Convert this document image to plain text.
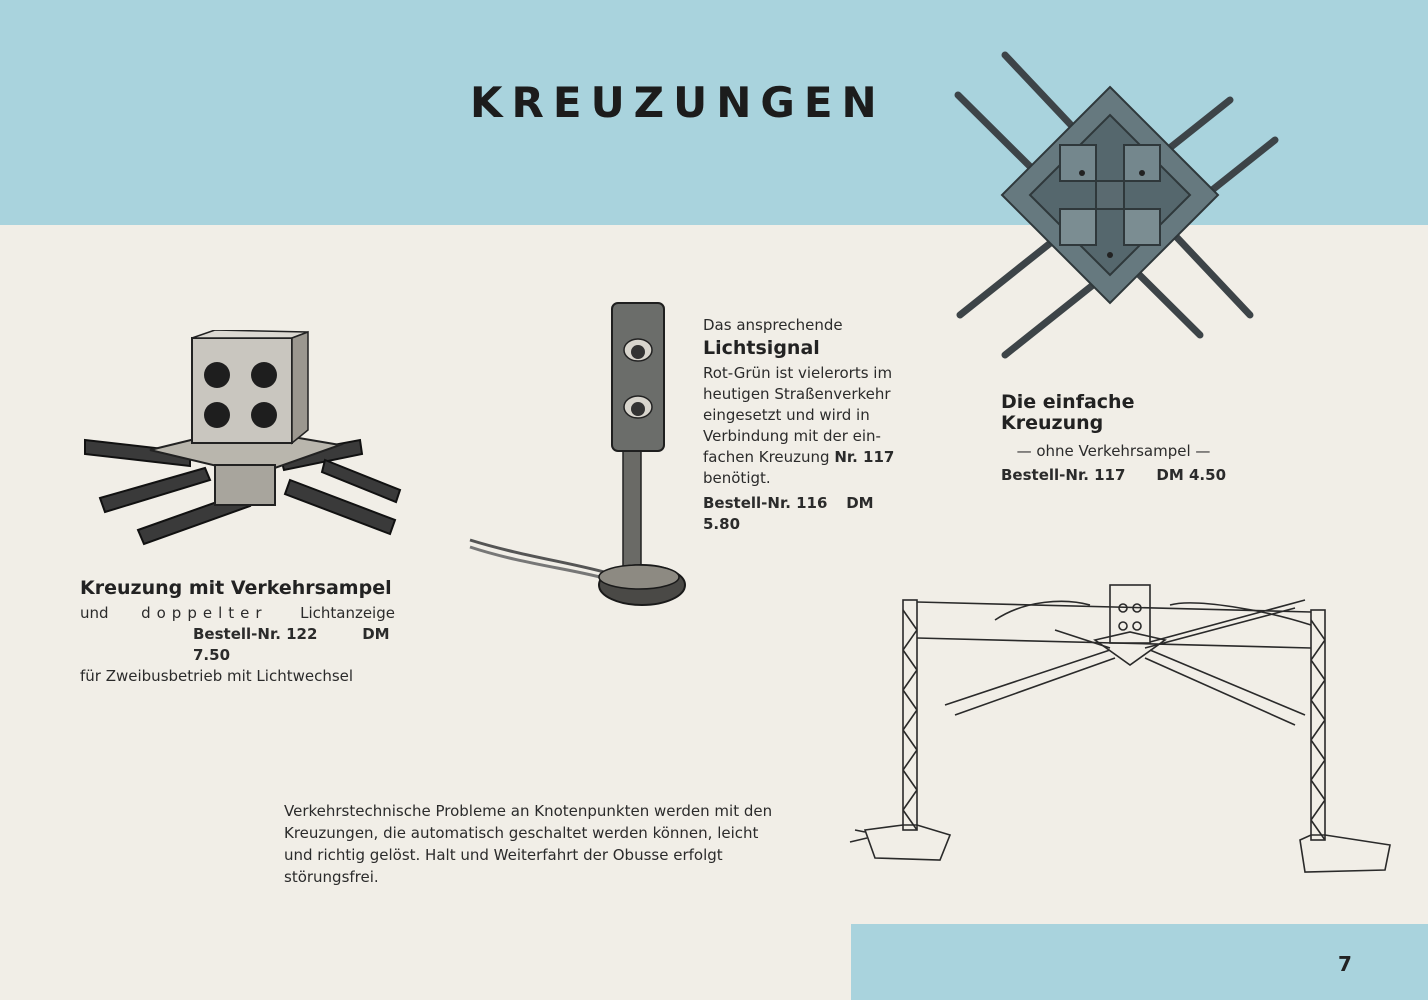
KREUZUNGEN
Kreuzung mit Verkehrsampel
und doppelter Lichtanzeige
Bestell-Nr. 122	DM 7.50
für Zweibusbetrieb mit Lichtwechsel
Das ansprechende
Lichtsignal
Rot-Grün ist vielerorts im
heutigen Straßenverkehr
eingesetzt und wird in
Verbindung mit der ein-
fachen Kreuzung Nr. 117
benötigt.
Bestell-Nr. 116 DM 5.80
Die einfache Kreuzung
— ohne Verkehrsampel —
Bestell-Nr. 117 DM 4.50
Verkehrstechnische Probleme an Knotenpunkten werden mit den
Kreuzungen, die automatisch geschaltet werden können, leicht
und richtig gelöst. Halt und Weiterfahrt der Obusse erfolgt
störungsfrei.
7
